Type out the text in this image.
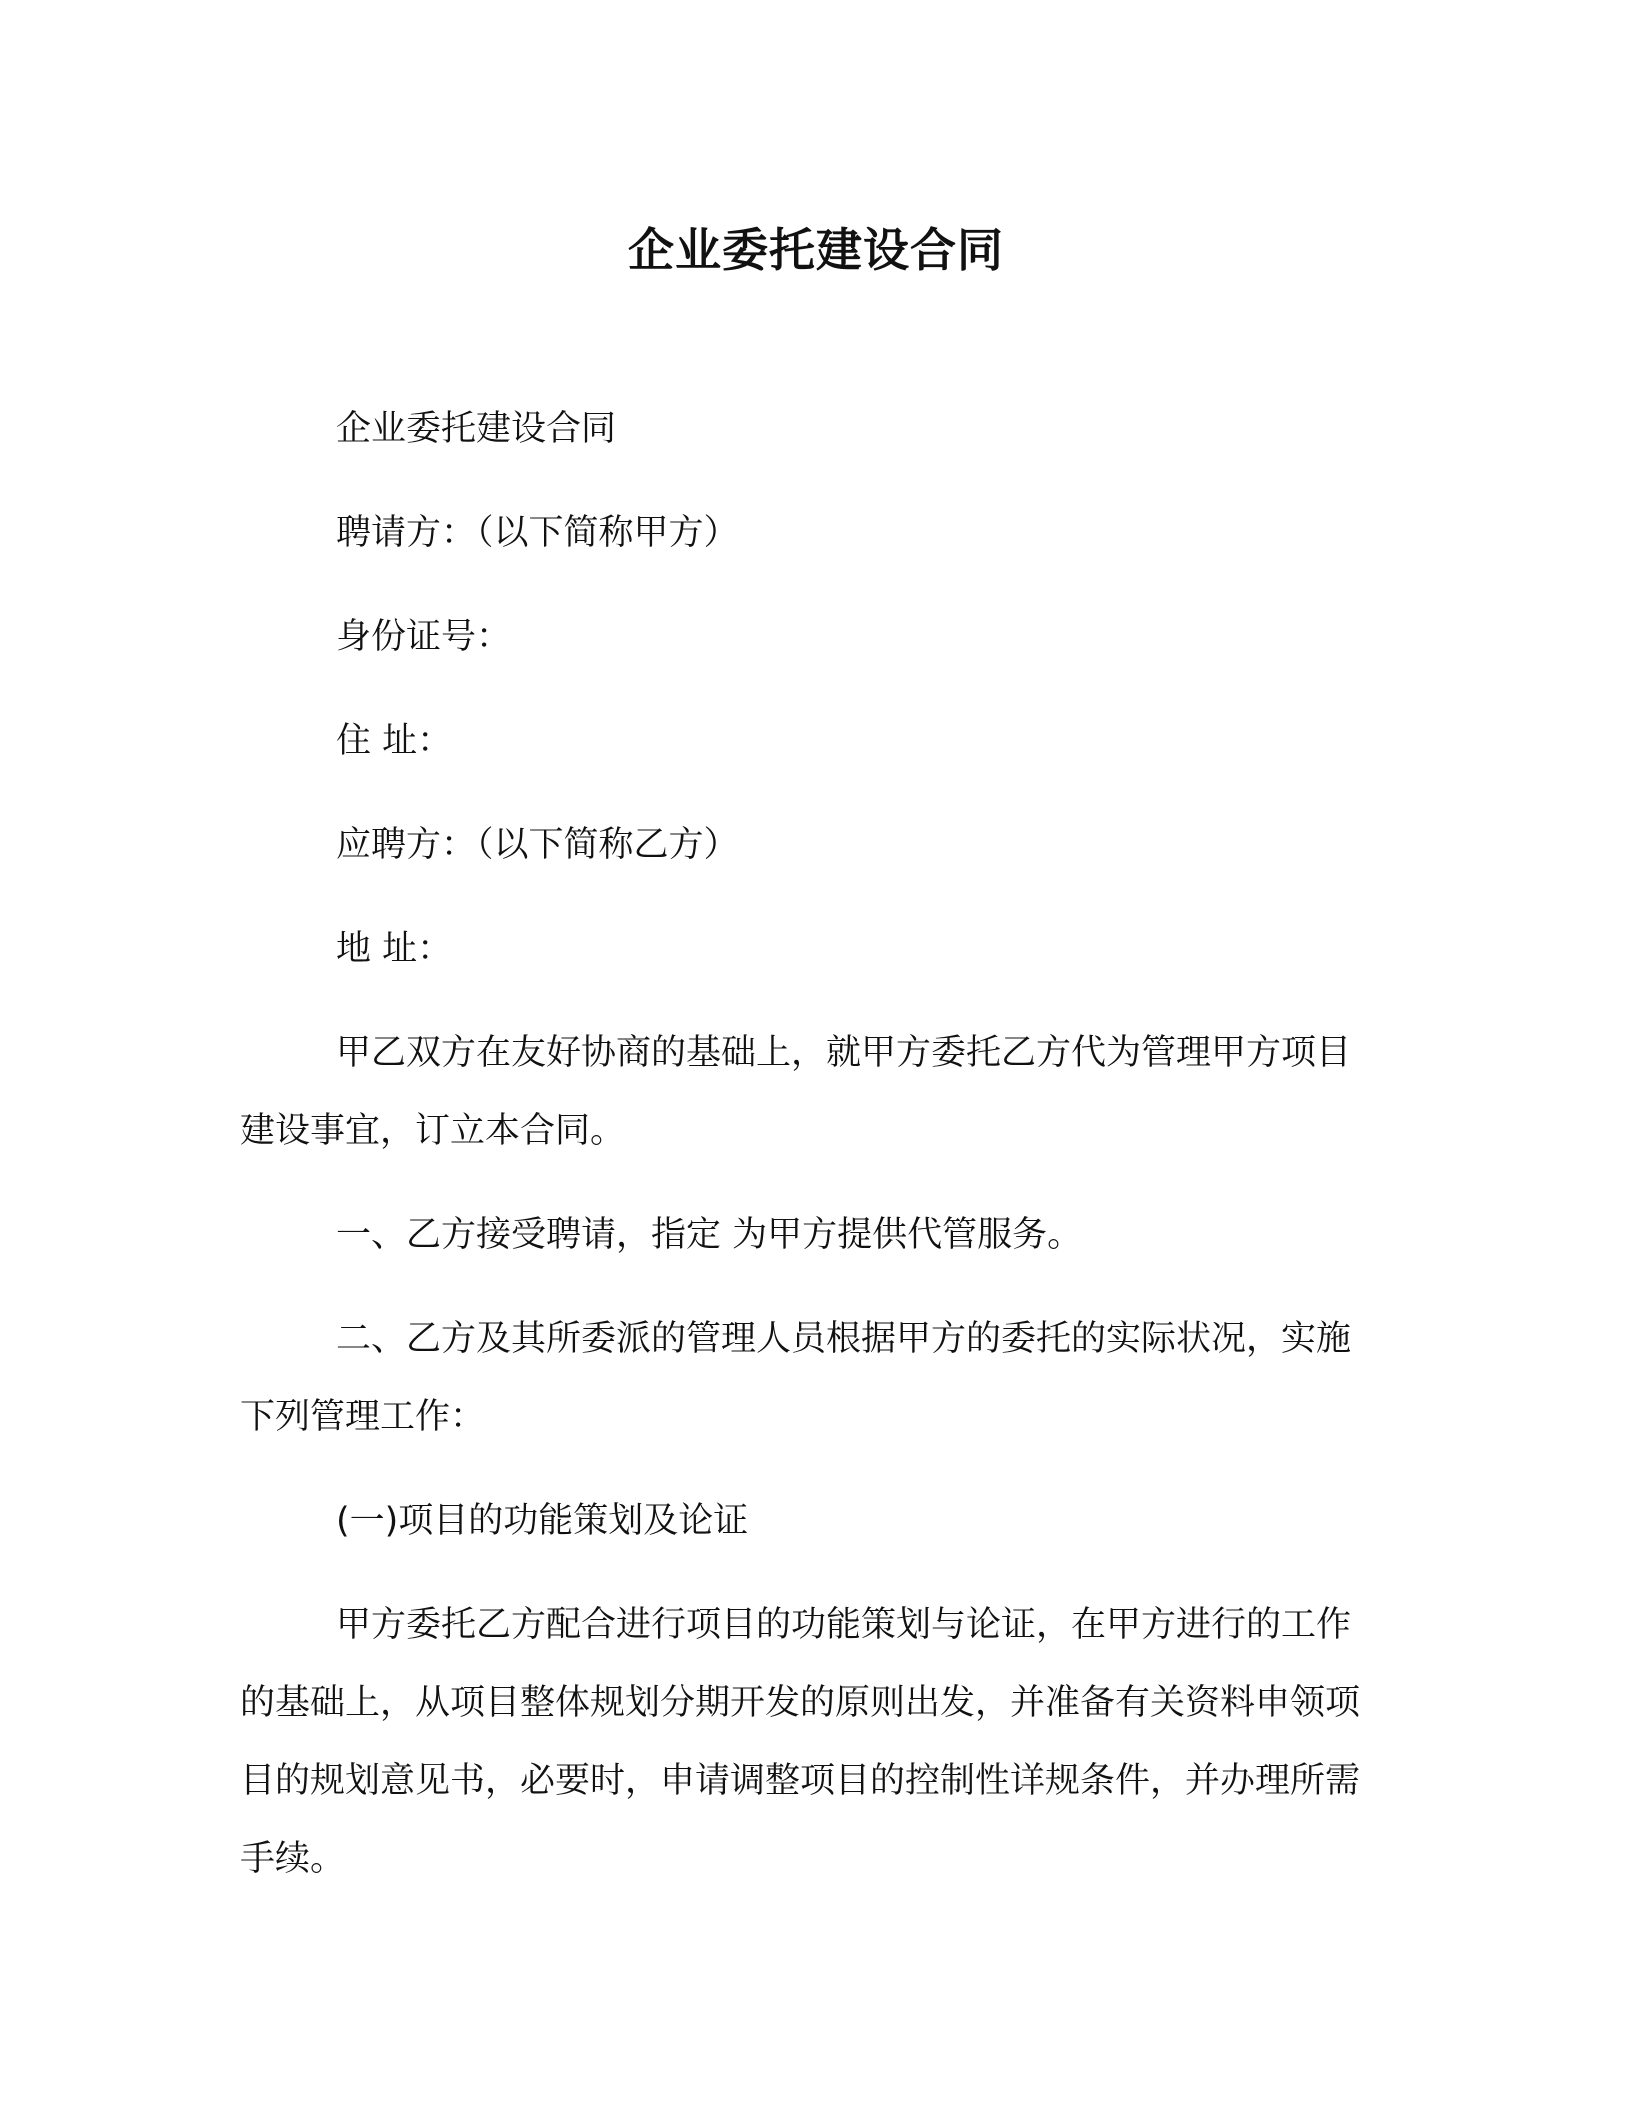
企业委托建设合同

企业委托建设合同

聘请方：（以下简称甲方）

身份证号：

住 址：

应聘方：（以下简称乙方）

地 址：

甲乙双方在友好协商的基础上，就甲方委托乙方代为管理甲方项目建设事宜，订立本合同。

一、乙方接受聘请，指定 为甲方提供代管服务。

二、乙方及其所委派的管理人员根据甲方的委托的实际状况，实施下列管理工作：

(一)项目的功能策划及论证

甲方委托乙方配合进行项目的功能策划与论证，在甲方进行的工作的基础上，从项目整体规划分期开发的原则出发，并准备有关资料申领项目的规划意见书，必要时，申请调整项目的控制性详规条件，并办理所需手续。
